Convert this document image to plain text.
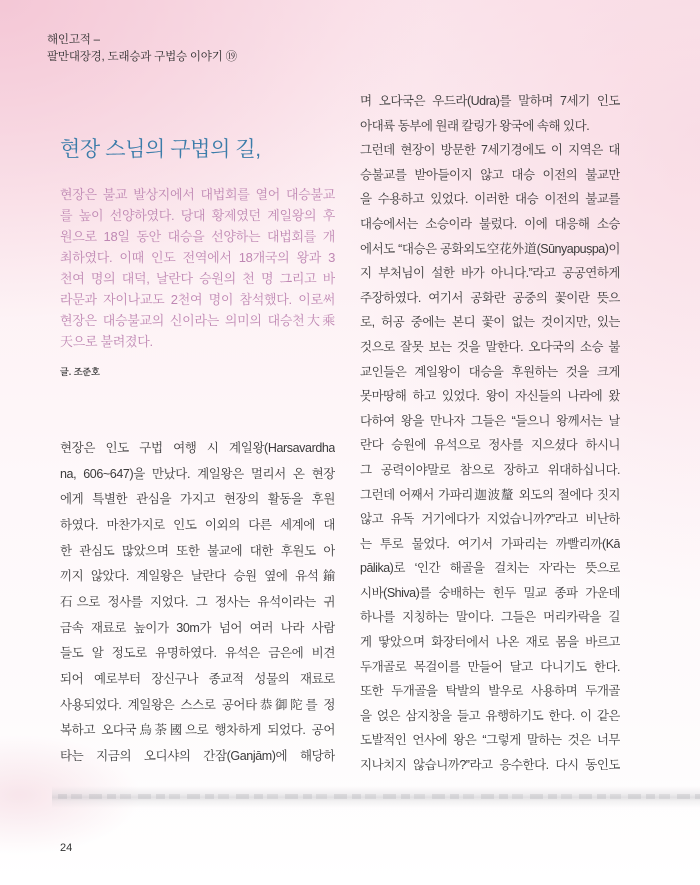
해인고적 –
팔만대장경, 도래승과 구법승 이야기 ⑲
현장 스님의 구법의 길,
현장은 불교 발상지에서 대법회를 열어 대승불교
를 높이 선양하였다. 당대 황제였던 계일왕의 후
원으로 18일 동안 대승을 선양하는 대법회를 개
최하였다. 이때 인도 전역에서 18개국의 왕과 3
천여 명의 대덕, 날란다 승원의 천 명 그리고 바
라문과 자이나교도 2천여 명이 참석했다. 이로써
현장은 대승불교의 신이라는 의미의 대승천大乘
天으로 불려졌다.
글. 조준호
현장은 인도 구법 여행 시 계일왕(Harsavardha
na, 606~647)을 만났다. 계일왕은 멀리서 온 현장
에게 특별한 관심을 가지고 현장의 활동을 후원
하였다. 마찬가지로 인도 이외의 다른 세계에 대
한 관심도 많았으며 또한 불교에 대한 후원도 아
끼지 않았다. 계일왕은 날란다 승원 옆에 유석鍮
石으로 정사를 지었다. 그 정사는 유석이라는 귀
금속 재료로 높이가 30m가 넘어 여러 나라 사람
들도 알 정도로 유명하였다. 유석은 금은에 비견
되어 예로부터 장신구나 종교적 성물의 재료로
사용되었다. 계일왕은 스스로 공어타恭御陀를 정
복하고 오다국烏荼國으로 행차하게 되었다. 공어
타는 지금의 오디샤의 간잠(Ganjām)에 해당하
며 오다국은 우드라(Udra)를 말하며 7세기 인도
아대륙 동부에 원래 칼링가 왕국에 속해 있다.
그런데 현장이 방문한 7세기경에도 이 지역은 대
승불교를 받아들이지 않고 대승 이전의 불교만
을 수용하고 있었다. 이러한 대승 이전의 불교를
대승에서는 소승이라 불렀다. 이에 대응해 소승
에서도 “대승은 공화외도空花外道(Sūnyapuṣpa)이
지 부처님이 설한 바가 아니다.”라고 공공연하게
주장하였다. 여기서 공화란 공중의 꽃이란 뜻으
로, 허공 중에는 본디 꽃이 없는 것이지만, 있는
것으로 잘못 보는 것을 말한다. 오다국의 소승 불
교인들은 계일왕이 대승을 후원하는 것을 크게
못마땅해 하고 있었다. 왕이 자신들의 나라에 왔
다하여 왕을 만나자 그들은 “들으니 왕께서는 날
란다 승원에 유석으로 정사를 지으셨다 하시니
그 공력이야말로 참으로 장하고 위대하십니다.
그런데 어째서 가파리迦波釐 외도의 절에다 짓지
않고 유독 거기에다가 지었습니까?”라고 비난하
는 투로 물었다. 여기서 가파리는 까빨리까(Kā
pālika)로 ‘인간 해골을 걸치는 자’라는 뜻으로
시바(Shiva)를 숭배하는 힌두 밀교 종파 가운데
하나를 지칭하는 말이다. 그들은 머리카락을 길
게 땋았으며 화장터에서 나온 재로 몸을 바르고
두개골로 목걸이를 만들어 달고 다니기도 한다.
또한 두개골을 탁발의 발우로 사용하며 두개골
을 얹은 삼지창을 들고 유행하기도 한다. 이 같은
도발적인 언사에 왕은 “그렇게 말하는 것은 너무
지나치지 않습니까?”라고 응수한다. 다시 동인도
24
